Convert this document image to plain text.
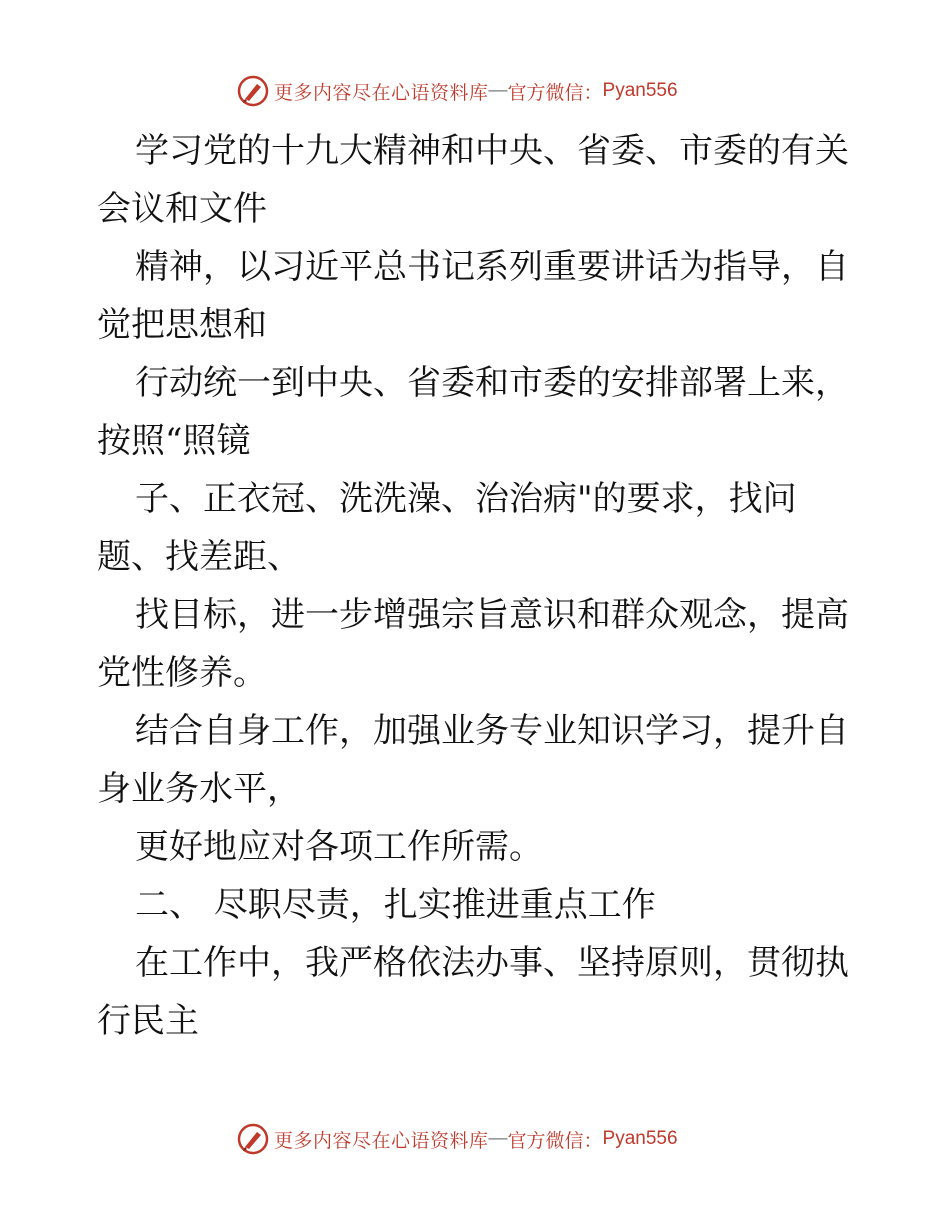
更多内容尽在心语资料库 — 官方微信： Pyan556

学习党的十九大精神和中央、省委、市委的有关

会议和文件

精神，以习近平总书记系列重要讲话为指导，自

觉把思想和

行动统一到中央、省委和市委的安排部署上来，

按照“照镜

子、正衣冠、洗洗澡、治治病"的要求，找问

题、找差距、

找目标，进一步增强宗旨意识和群众观念，提高

党性修养。

结合自身工作，加强业务专业知识学习，提升自

身业务水平，

更好地应对各项工作所需。

二、 尽职尽责，扎实推进重点工作

在工作中，我严格依法办事、坚持原则，贯彻执

行民主

更多内容尽在心语资料库 — 官方微信： Pyan556
